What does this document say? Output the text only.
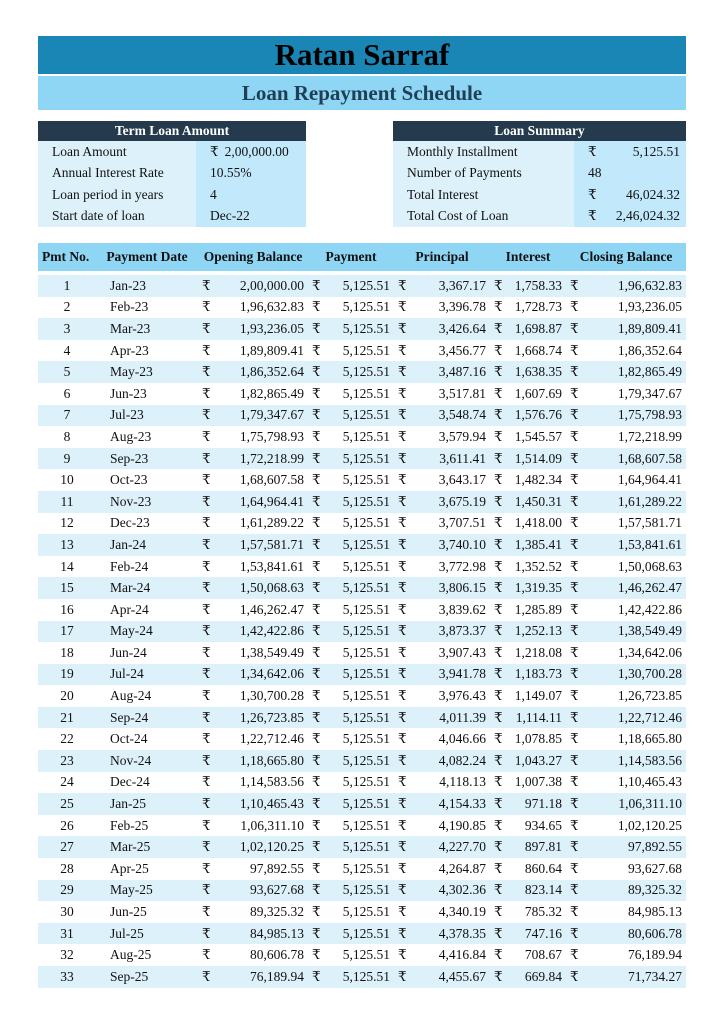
Ratan Sarraf
Loan Repayment Schedule
Term Loan Amount
Loan Amount	₹ 2,00,000.00
Annual Interest Rate	10.55%
Loan period in years	4
Start date of loan	Dec-22
Loan Summary
Monthly Installment	₹	5,125.51
Number of Payments	48
Total Interest	₹ 46,024.32
Total Cost of Loan	₹ 2,46,024.32
Pmt No.	Payment Date	Opening Balance		Payment		Principal		Interest		Closing Balance	

1	Jan-23	₹	2,00,000.00	₹	5,125.51	₹	3,367.17	₹	1,758.33	₹	1,96,632.83
2	Feb-23	₹	1,96,632.83	₹	5,125.51	₹	3,396.78	₹	1,728.73	₹	1,93,236.05
3	Mar-23	₹	1,93,236.05	₹	5,125.51	₹	3,426.64	₹	1,698.87	₹	1,89,809.41
4	Apr-23	₹	1,89,809.41	₹	5,125.51	₹	3,456.77	₹	1,668.74	₹	1,86,352.64
5	May-23	₹	1,86,352.64	₹	5,125.51	₹	3,487.16	₹	1,638.35	₹	1,82,865.49
6	Jun-23	₹	1,82,865.49	₹	5,125.51	₹	3,517.81	₹	1,607.69	₹	1,79,347.67
7	Jul-23	₹	1,79,347.67	₹	5,125.51	₹	3,548.74	₹	1,576.76	₹	1,75,798.93
8	Aug-23	₹	1,75,798.93	₹	5,125.51	₹	3,579.94	₹	1,545.57	₹	1,72,218.99
9	Sep-23	₹	1,72,218.99	₹	5,125.51	₹	3,611.41	₹	1,514.09	₹	1,68,607.58
10	Oct-23	₹	1,68,607.58	₹	5,125.51	₹	3,643.17	₹	1,482.34	₹	1,64,964.41
11	Nov-23	₹	1,64,964.41	₹	5,125.51	₹	3,675.19	₹	1,450.31	₹	1,61,289.22
12	Dec-23	₹	1,61,289.22	₹	5,125.51	₹	3,707.51	₹	1,418.00	₹	1,57,581.71
13	Jan-24	₹	1,57,581.71	₹	5,125.51	₹	3,740.10	₹	1,385.41	₹	1,53,841.61
14	Feb-24	₹	1,53,841.61	₹	5,125.51	₹	3,772.98	₹	1,352.52	₹	1,50,068.63
15	Mar-24	₹	1,50,068.63	₹	5,125.51	₹	3,806.15	₹	1,319.35	₹	1,46,262.47
16	Apr-24	₹	1,46,262.47	₹	5,125.51	₹	3,839.62	₹	1,285.89	₹	1,42,422.86
17	May-24	₹	1,42,422.86	₹	5,125.51	₹	3,873.37	₹	1,252.13	₹	1,38,549.49
18	Jun-24	₹	1,38,549.49	₹	5,125.51	₹	3,907.43	₹	1,218.08	₹	1,34,642.06
19	Jul-24	₹	1,34,642.06	₹	5,125.51	₹	3,941.78	₹	1,183.73	₹	1,30,700.28
20	Aug-24	₹	1,30,700.28	₹	5,125.51	₹	3,976.43	₹	1,149.07	₹	1,26,723.85
21	Sep-24	₹	1,26,723.85	₹	5,125.51	₹	4,011.39	₹	1,114.11	₹	1,22,712.46
22	Oct-24	₹	1,22,712.46	₹	5,125.51	₹	4,046.66	₹	1,078.85	₹	1,18,665.80
23	Nov-24	₹	1,18,665.80	₹	5,125.51	₹	4,082.24	₹	1,043.27	₹	1,14,583.56
24	Dec-24	₹	1,14,583.56	₹	5,125.51	₹	4,118.13	₹	1,007.38	₹	1,10,465.43
25	Jan-25	₹	1,10,465.43	₹	5,125.51	₹	4,154.33	₹	971.18	₹	1,06,311.10
26	Feb-25	₹	1,06,311.10	₹	5,125.51	₹	4,190.85	₹	934.65	₹	1,02,120.25
27	Mar-25	₹	1,02,120.25	₹	5,125.51	₹	4,227.70	₹	897.81	₹	97,892.55
28	Apr-25	₹	97,892.55	₹	5,125.51	₹	4,264.87	₹	860.64	₹	93,627.68
29	May-25	₹	93,627.68	₹	5,125.51	₹	4,302.36	₹	823.14	₹	89,325.32
30	Jun-25	₹	89,325.32	₹	5,125.51	₹	4,340.19	₹	785.32	₹	84,985.13
31	Jul-25	₹	84,985.13	₹	5,125.51	₹	4,378.35	₹	747.16	₹	80,606.78
32	Aug-25	₹	80,606.78	₹	5,125.51	₹	4,416.84	₹	708.67	₹	76,189.94
33	Sep-25	₹	76,189.94	₹	5,125.51	₹	4,455.67	₹	669.84	₹	71,734.27
